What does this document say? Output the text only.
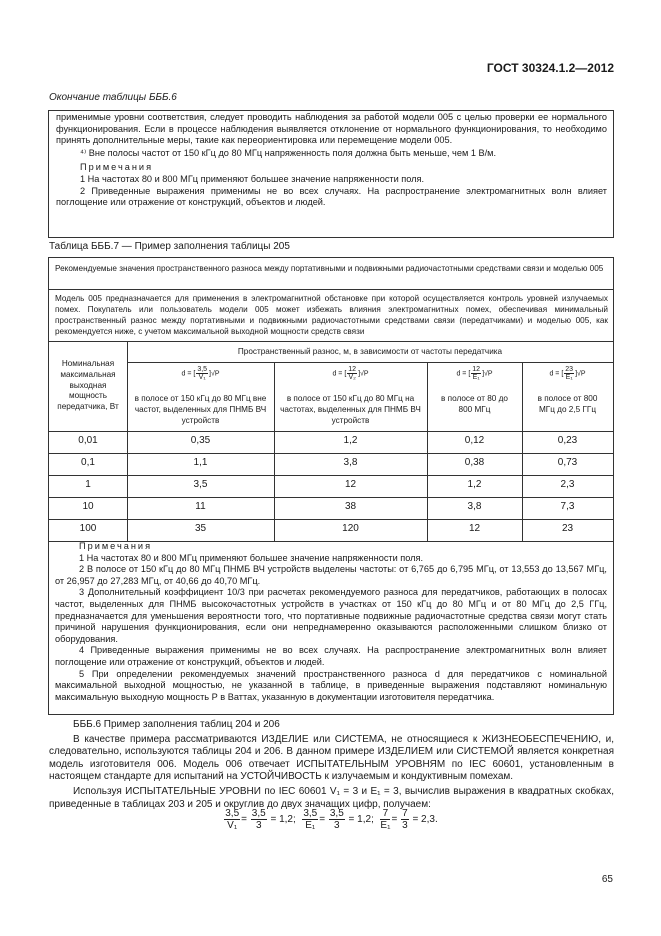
ГОСТ 30324.1.2—2012
Окончание таблицы БББ.6

применимые уровни соответствия, следует проводить наблюдения за работой модели 005 с целью проверки ее нормального функционирования. Если в процессе наблюдения выявляется отклонение от нормального функционирования, то необходимо принять дополнительные меры, такие как переориентировка или перемещение модели 005.

⁴⁾ Вне полосы частот от 150 кГц до 80 МГц напряженность поля должна быть меньше, чем 1 В/м.

Примечания

1 На частотах 80 и 800 МГц применяют большее значение напряженности поля.

2 Приведенные выражения применимы не во всех случаях. На распространение электромагнитных волн влияет поглощение или отражение от конструкций, объектов и людей.

Таблица БББ.7 — Пример заполнения таблицы 205
Рекомендуемые значения пространственного разноса между портативными и подвижными радиочастотными средствами связи и моделью 005
Модель 005 предназначается для применения в электромагнитной обстановке при которой осуществляется контроль уровней излучаемых помех. Покупатель или пользователь модели 005 может избежать влияния электромагнитных помех, обеспечивая минимальный пространственный разнос между портативными и подвижными радиочастотными средствами связи (передатчиками) и моделью 005, как рекомендуется ниже, с учетом максимальной выходной мощности средств связи
Номинальная максимальная выходная мощность передатчика, Вт
Пространственный разнос, м, в зависимости от частоты передатчика
d = [ $\frac{3,5}{\text{V₁}} ]√P$	d = [ $\frac{12}{\text{V₂}} ]√P$	d = [ $\frac{12}{\text{E₁}} ]√P$	d = [ $\frac{23}{\text{E₁}} ]√P$
в полосе от 150 кГц до 80 МГц вне частот, выделенных для ПНМБ ВЧ устройств
в полосе от 150 кГц до 80 МГц на частотах, выделенных для ПНМБ ВЧ устройств
в полосе от 80 до 800 МГц
в полосе от 800 МГц до 2,5 ГГц
0,01	0,35	1,2	0,12	0,23
0,1	1,1	3,8	0,38	0,73
1	3,5	12	1,2	2,3
10	11	38	3,8	7,3
100	35	120	12	23

Примечания

1 На частотах 80 и 800 МГц применяют большее значение напряженности поля.

2 В полосе от 150 кГц до 80 МГц ПНМБ ВЧ устройств выделены частоты: от 6,765 до 6,795 МГц, от 13,553 до 13,567 МГц, от 26,957 до 27,283 МГц, от 40,66 до 40,70 МГц.

3 Дополнительный коэффициент 10/3 при расчетах рекомендуемого разноса для передатчиков, работающих в полосах частот, выделенных для ПНМБ высокочастотных устройств в участках от 150 кГц до 80 МГц и от 80 МГц до 2,5 ГГц, предназначается для уменьшения вероятности того, что портативные подвижные радиочастотные средства связи могут стать причиной нарушения функционирования, если они непреднамеренно оказываются расположенными слишком близко от оборудования.

4 Приведенные выражения применимы не во всех случаях. На распространение электромагнитных волн влияет поглощение или отражение от конструкций, объектов и людей.

5 При определении рекомендуемых значений пространственного разноса d для передатчиков с номинальной максимальной выходной мощностью, не указанной в таблице, в приведенные выражения подставляют номинальную максимальную выходную мощность Р в Ваттах, указанную в документации изготовителя передатчика.

БББ.6 Пример заполнения таблиц 204 и 206

В качестве примера рассматриваются ИЗДЕЛИЕ или СИСТЕМА, не относящиеся к ЖИЗНЕОБЕСПЕЧЕНИЮ, и, следовательно, используются таблицы 204 и 206. В данном примере ИЗДЕЛИЕМ или СИСТЕМОЙ является конкретная модель изготовителя 006. Модель 006 отвечает ИСПЫТАТЕЛЬНЫМ УРОВНЯМ по IEC 60601, установленным в настоящем стандарте для испытаний на УСТОЙЧИВОСТЬ к излучаемым и кондуктивным помехам.

Используя ИСПЫТАТЕЛЬНЫЕ УРОВНИ по IEC 60601 V₁ = 3 и E₁ = 3, вычислив выражения в квадратных скобках, приведенные в таблицах 203 и 205 и округлив до двух значащих цифр, получаем:

$\frac{3,5}{\text{V₁}} = \frac{3,5}{3} = 1,2$; $\frac{3,5}{\text{E₁}} = \frac{3,5}{3} = 1,2$; $\frac{7}{\text{E₁}} = \frac{7}{3} = 2,3$.
65
